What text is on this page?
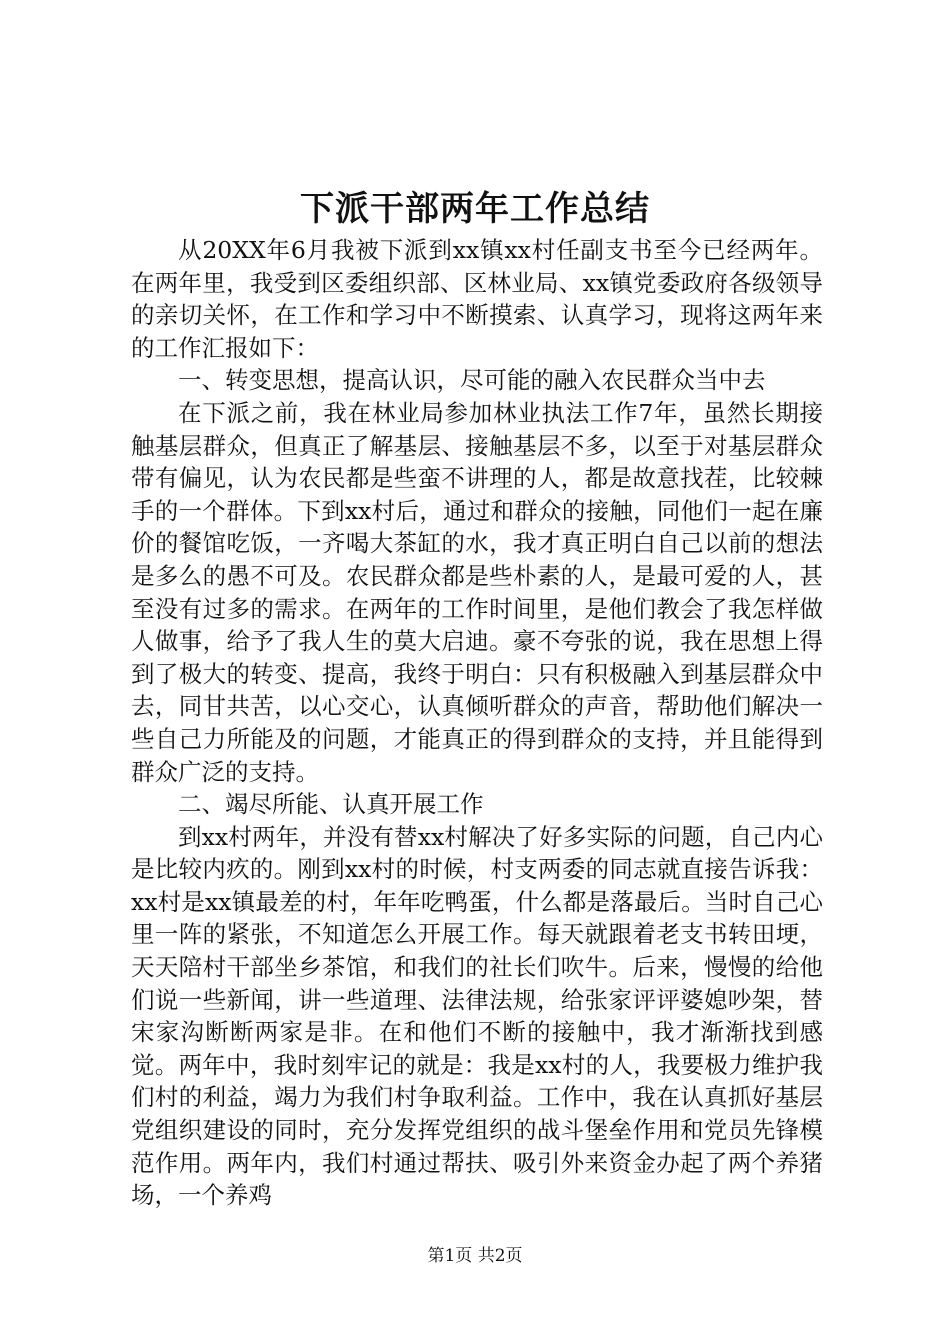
下派干部两年工作总结

从20XX年6月我被下派到xx镇xx村任副支书至今已经两年。在两年里，我受到区委组织部、区林业局、xx镇党委政府各级领导的亲切关怀，在工作和学习中不断摸索、认真学习，现将这两年来的工作汇报如下：

一、转变思想，提高认识，尽可能的融入农民群众当中去

在下派之前，我在林业局参加林业执法工作7年，虽然长期接触基层群众，但真正了解基层、接触基层不多，以至于对基层群众带有偏见，认为农民都是些蛮不讲理的人，都是故意找茬，比较棘手的一个群体。下到xx村后，通过和群众的接触，同他们一起在廉价的餐馆吃饭，一齐喝大茶缸的水，我才真正明白自己以前的想法是多么的愚不可及。农民群众都是些朴素的人，是最可爱的人，甚至没有过多的需求。在两年的工作时间里，是他们教会了我怎样做人做事，给予了我人生的莫大启迪。豪不夸张的说，我在思想上得到了极大的转变、提高，我终于明白：只有积极融入到基层群众中去，同甘共苦，以心交心，认真倾听群众的声音，帮助他们解决一些自己力所能及的问题，才能真正的得到群众的支持，并且能得到群众广泛的支持。

二、竭尽所能、认真开展工作

到xx村两年，并没有替xx村解决了好多实际的问题，自己内心是比较内疚的。刚到xx村的时候，村支两委的同志就直接告诉我：xx村是xx镇最差的村，年年吃鸭蛋，什么都是落最后。当时自己心里一阵的紧张，不知道怎么开展工作。每天就跟着老支书转田埂，天天陪村干部坐乡茶馆，和我们的社长们吹牛。后来，慢慢的给他们说一些新闻，讲一些道理、法律法规，给张家评评婆媳吵架，替宋家沟断断两家是非。在和他们不断的接触中，我才渐渐找到感觉。两年中，我时刻牢记的就是：我是xx村的人，我要极力维护我们村的利益，竭力为我们村争取利益。工作中，我在认真抓好基层党组织建设的同时，充分发挥党组织的战斗堡垒作用和党员先锋模范作用。两年内，我们村通过帮扶、吸引外来资金办起了两个养猪场，一个养鸡

第1页 共2页
